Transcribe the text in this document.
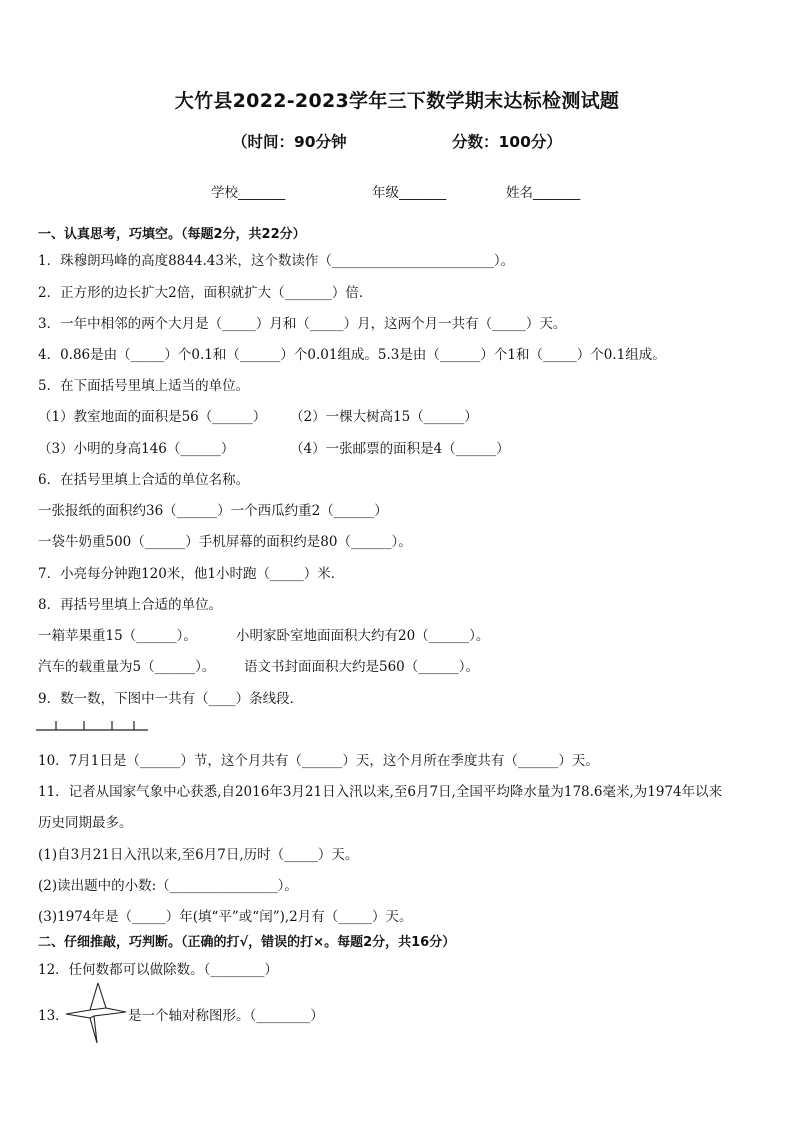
大竹县2022-2023学年三下数学期末达标检测试题
（时间：90分钟	分数：100分）
学校_______	年级_______	姓名_______
一、认真思考，巧填空。（每题2分，共22分）
1．珠穆朗玛峰的高度8844.43米，这个数读作（________________________）。
2．正方形的边长扩大2倍，面积就扩大（_______）倍．
3．一年中相邻的两个大月是（_____）月和（_____）月，这两个月一共有（_____）天。
4．0.86是由（_____）个0.1和（______）个0.01组成。5.3是由（______）个1和（_____）个0.1组成。
5．在下面括号里填上适当的单位。
（1）教室地面的面积是56（______） （2）一棵大树高15（______）
（3）小明的身高146（______）	（4）一张邮票的面积是4（______）
6．在括号里填上合适的单位名称。
一张报纸的面积约36（______）一个西瓜约重2（______）
一袋牛奶重500（______）手机屏幕的面积约是80（______）。
7．小亮每分钟跑120米，他1小时跑（_____）米．
8．再括号里填上合适的单位。
一箱苹果重15（______）。	小明家卧室地面面积大约有20（______）。
汽车的载重量为5（______）。 语文书封面面积大约是560（______）。
9．数一数，下图中一共有（____）条线段．
10．7月1日是（______）节，这个月共有（______）天，这个月所在季度共有（______）天。
11．记者从国家气象中心获悉,自2016年3月21日入汛以来,至6月7日,全国平均降水量为178.6毫米,为1974年以来
历史同期最多。
(1)自3月21日入汛以来,至6月7日,历时（_____）天。
(2)读出题中的小数:（________________）。
(3)1974年是（_____）年(填“平”或“闰”),2月有（_____）天。
二、仔细推敲，巧判断。（正确的打√，错误的打×。每题2分，共16分）
12．任何数都可以做除数。（________）
13．	是一个轴对称图形。（________）
